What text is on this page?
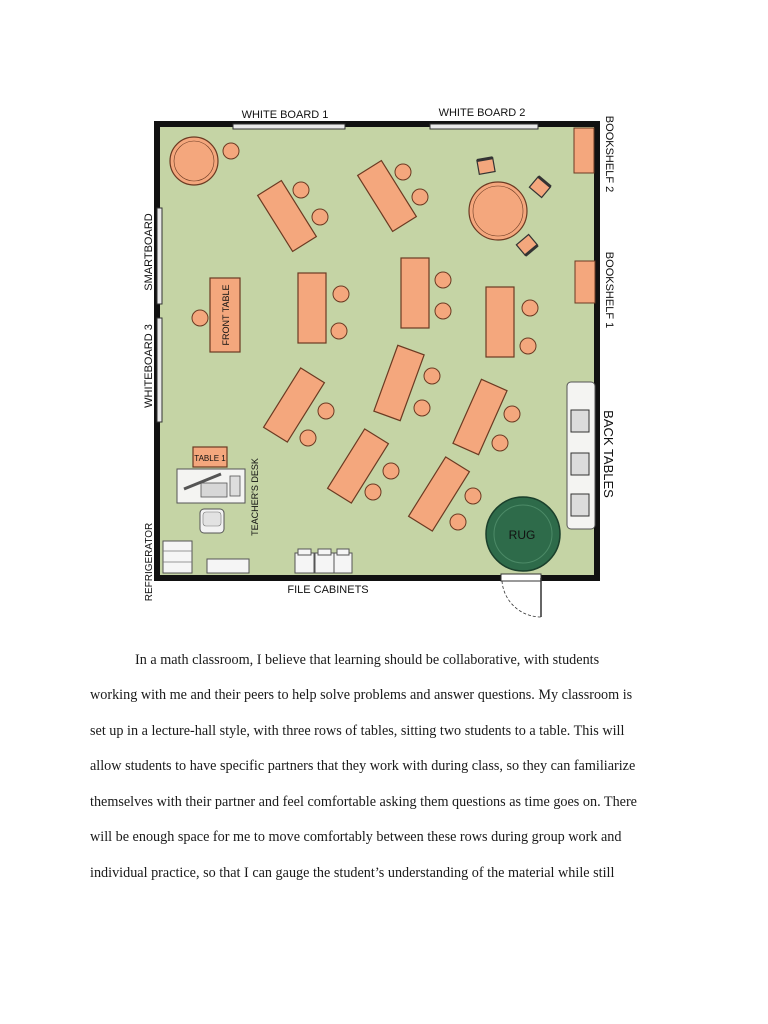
WHITE BOARD 1	WHITE BOARD 2
BOOKSHELF 2
BOOKSHELF 1
SMARTBOARD
WHITEBOARD 3
BACK TABLES
REFRIGERATOR	FILE CABINETS
TEACHER'S DESK
FRONT TABLE
TABLE 1
RUG
In a math classroom, I believe that learning should be collaborative, with students
working with me and their peers to help solve problems and answer questions. My classroom is
set up in a lecture-hall style, with three rows of tables, sitting two students to a table. This will
allow students to have specific partners that they work with during class, so they can familiarize
themselves with their partner and feel comfortable asking them questions as time goes on. There
will be enough space for me to move comfortably between these rows during group work and
individual practice, so that I can gauge the student’s understanding of the material while still
